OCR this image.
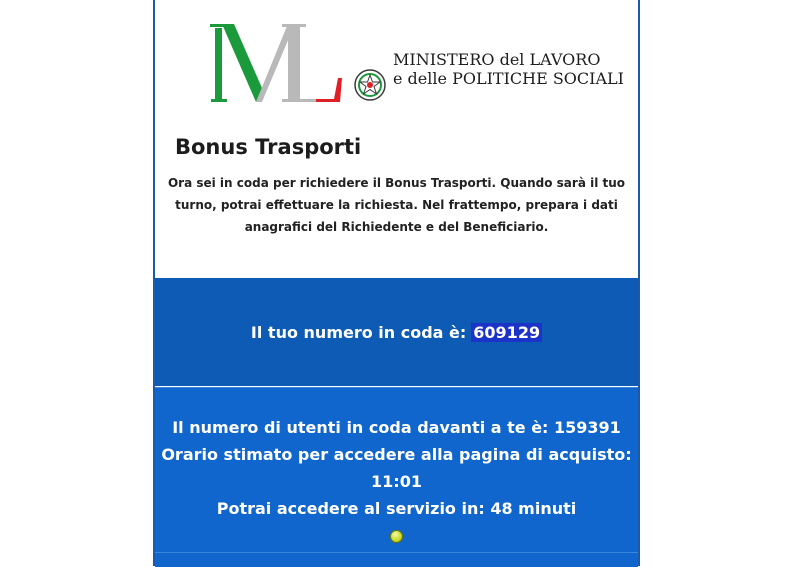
MINISTERO del LAVORO
e delle POLITICHE SOCIALI
Bonus Trasporti
Ora sei in coda per richiedere il Bonus Trasporti. Quando sarà il tuo turno, potrai effettuare la richiesta. Nel frattempo, prepara i dati anagrafici del Richiedente e del Beneficiario.
Il tuo numero in coda è: 609129
Il numero di utenti in coda davanti a te è: 159391
Orario stimato per accedere alla pagina di acquisto: 11:01
Potrai accedere al servizio in: 48 minuti
